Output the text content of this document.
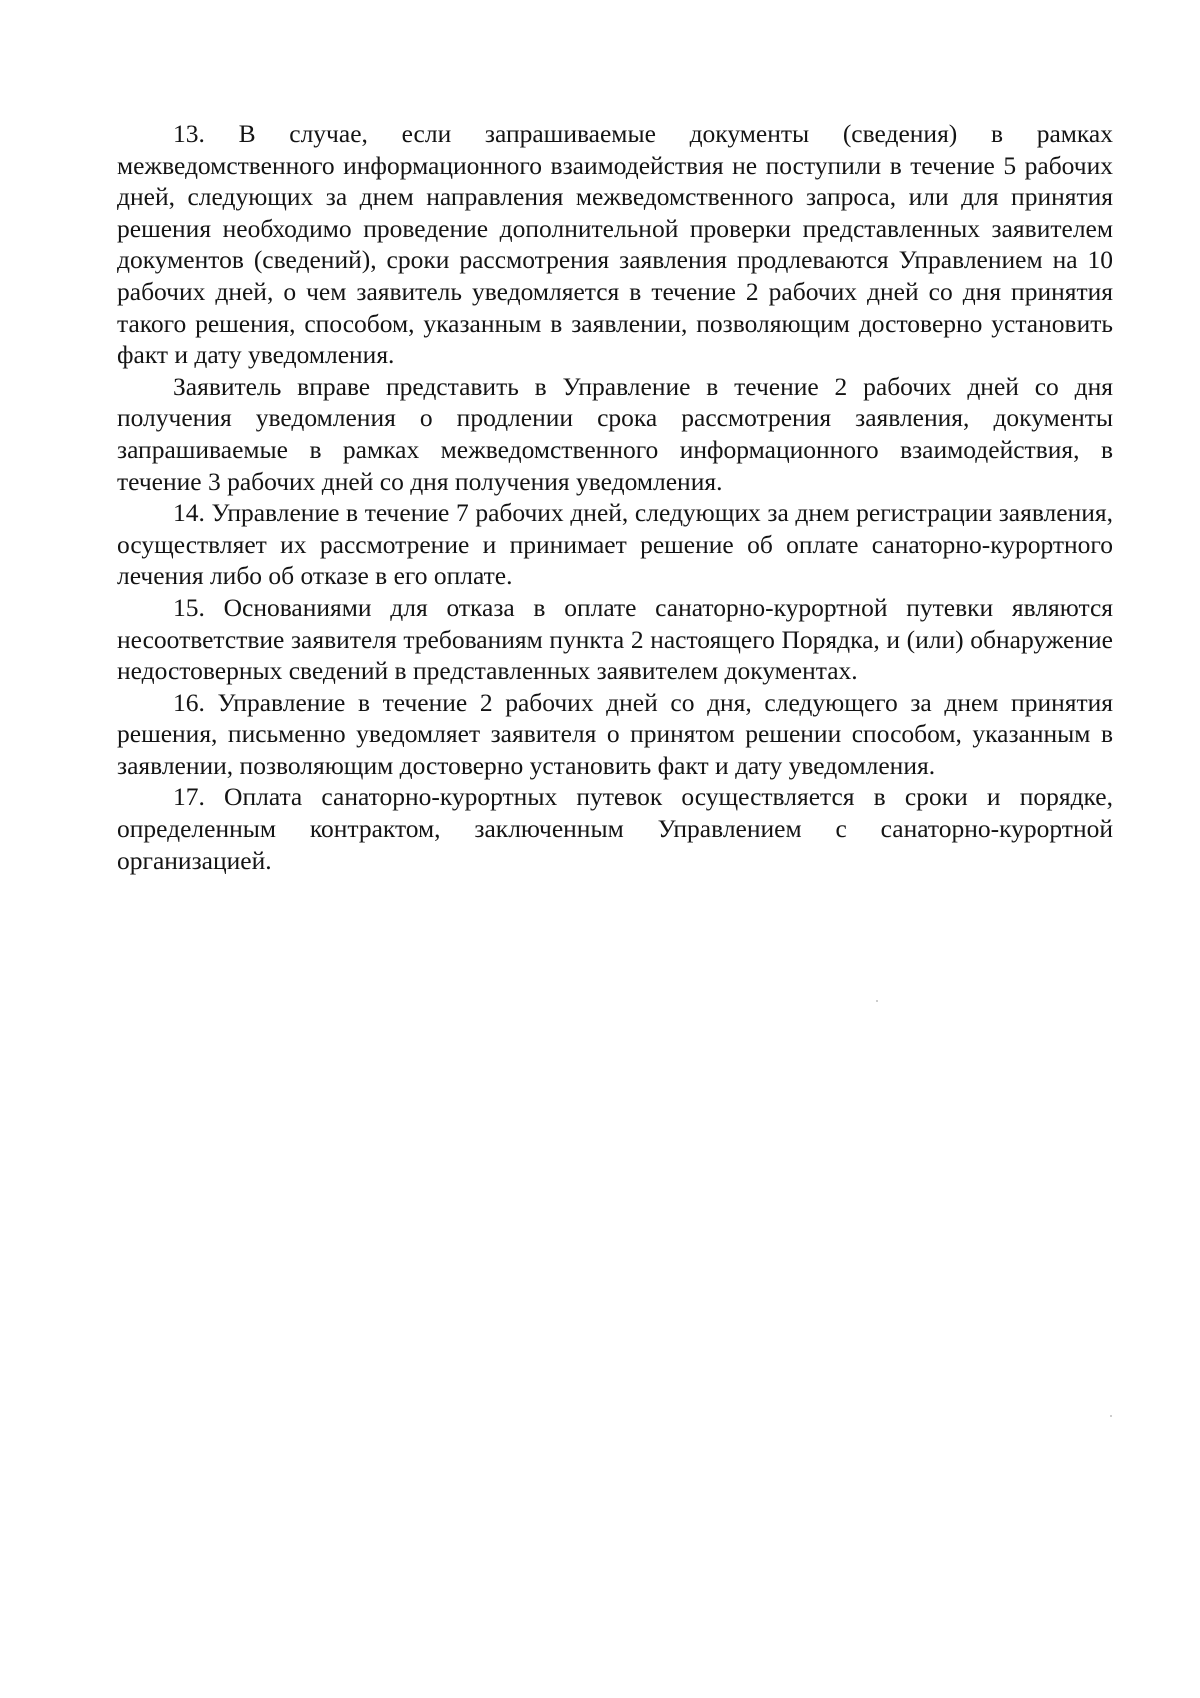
13. В случае, если запрашиваемые документы (сведения) в рамках межведомственного информационного взаимодействия не поступили в течение 5 рабочих дней, следующих за днем направления межведомственного запроса, или для принятия решения необходимо проведение дополнительной проверки представленных заявителем документов (сведений), сроки рассмотрения заявления продлеваются Управлением на 10 рабочих дней, о чем заявитель уведомляется в течение 2 рабочих дней со дня принятия такого решения, способом, указанным в заявлении, позволяющим достоверно установить факт и дату уведомления.

Заявитель вправе представить в Управление в течение 2 рабочих дней со дня получения уведомления о продлении срока рассмотрения заявления, документы запрашиваемые в рамках межведомственного информационного взаимодействия, в течение 3 рабочих дней со дня получения уведомления.

14. Управление в течение 7 рабочих дней, следующих за днем регистрации заявления, осуществляет их рассмотрение и принимает решение об оплате санаторно-курортного лечения либо об отказе в его оплате.

15. Основаниями для отказа в оплате санаторно-курортной путевки являются несоответствие заявителя требованиям пункта 2 настоящего Порядка, и (или) обнаружение недостоверных сведений в представленных заявителем документах.

16. Управление в течение 2 рабочих дней со дня, следующего за днем принятия решения, письменно уведомляет заявителя о принятом решении способом, указанным в заявлении, позволяющим достоверно установить факт и дату уведомления.

17. Оплата санаторно-курортных путевок осуществляется в сроки и порядке, определенным контрактом, заключенным Управлением с санаторно-курортной организацией.
